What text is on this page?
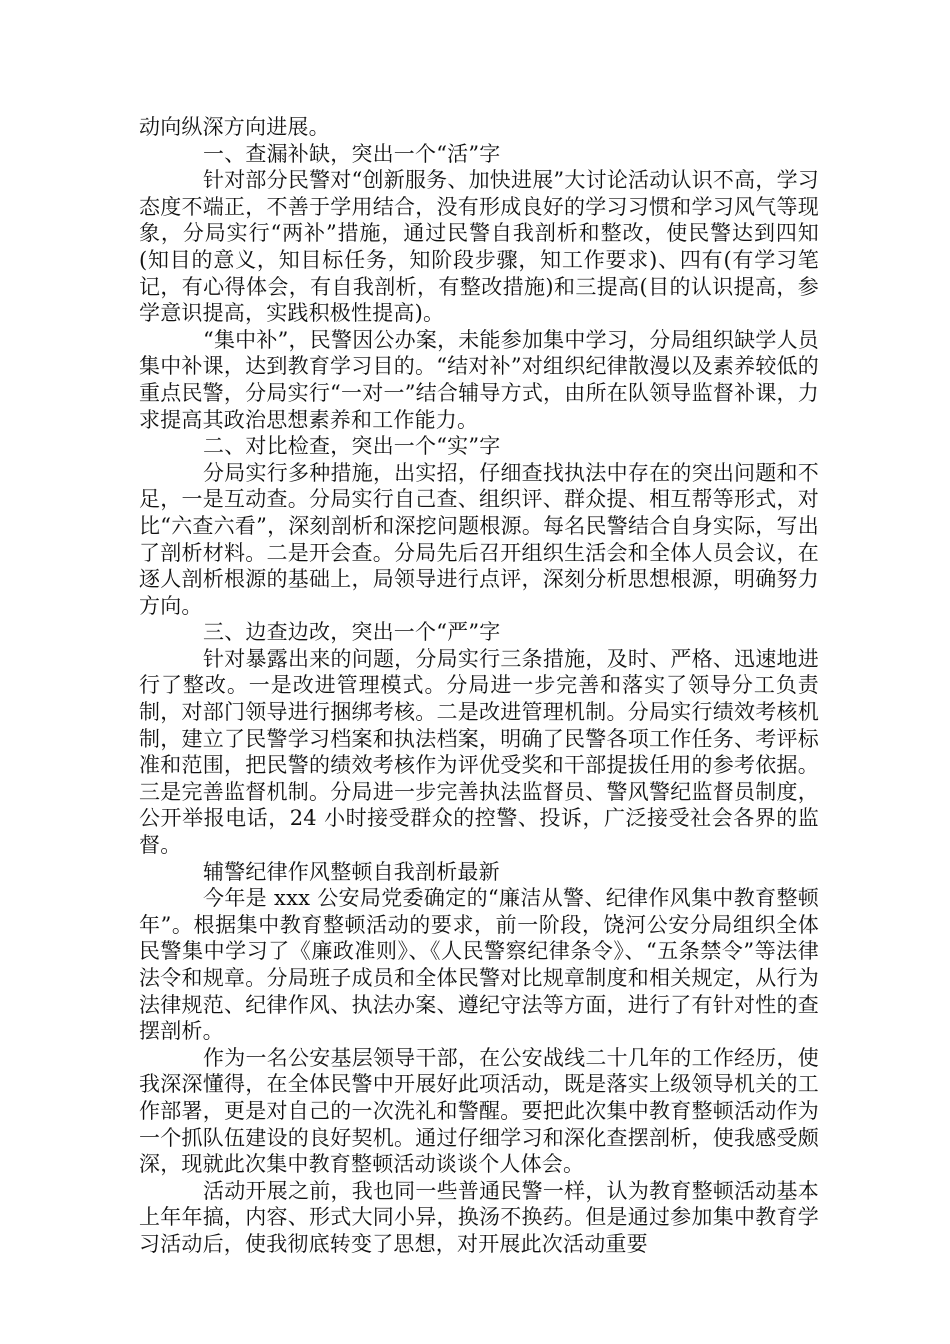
动向纵深方向进展。

一、查漏补缺，突出一个“活”字

针对部分民警对“创新服务、加快进展”大讨论活动认识不高，学习态度不端正，不善于学用结合，没有形成良好的学习习惯和学习风气等现象，分局实行“两补”措施，通过民警自我剖析和整改，使民警达到四知(知目的意义，知目标任务，知阶段步骤，知工作要求)、四有(有学习笔记，有心得体会，有自我剖析，有整改措施)和三提高(目的认识提高，参学意识提高，实践积极性提高)。

“集中补”，民警因公办案，未能参加集中学习，分局组织缺学人员集中补课，达到教育学习目的。“结对补”对组织纪律散漫以及素养较低的重点民警，分局实行“一对一”结合辅导方式，由所在队领导监督补课，力求提高其政治思想素养和工作能力。

二、对比检查，突出一个“实”字

分局实行多种措施，出实招，仔细查找执法中存在的突出问题和不足，一是互动查。分局实行自己查、组织评、群众提、相互帮等形式，对比“六查六看”，深刻剖析和深挖问题根源。每名民警结合自身实际，写出了剖析材料。二是开会查。分局先后召开组织生活会和全体人员会议，在逐人剖析根源的基础上，局领导进行点评，深刻分析思想根源，明确努力方向。

三、边查边改，突出一个“严”字

针对暴露出来的问题，分局实行三条措施，及时、严格、迅速地进行了整改。一是改进管理模式。分局进一步完善和落实了领导分工负责制，对部门领导进行捆绑考核。二是改进管理机制。分局实行绩效考核机制，建立了民警学习档案和执法档案，明确了民警各项工作任务、考评标准和范围，把民警的绩效考核作为评优受奖和干部提拔任用的参考依据。三是完善监督机制。分局进一步完善执法监督员、警风警纪监督员制度，公开举报电话，24 小时接受群众的控警、投诉，广泛接受社会各界的监督。

辅警纪律作风整顿自我剖析最新

今年是 xxx 公安局党委确定的“廉洁从警、纪律作风集中教育整顿年”。根据集中教育整顿活动的要求，前一阶段，饶河公安分局组织全体民警集中学习了《廉政准则》、《人民警察纪律条令》、“五条禁令”等法律法令和规章。分局班子成员和全体民警对比规章制度和相关规定，从行为法律规范、纪律作风、执法办案、遵纪守法等方面，进行了有针对性的查摆剖析。

作为一名公安基层领导干部，在公安战线二十几年的工作经历，使我深深懂得，在全体民警中开展好此项活动，既是落实上级领导机关的工作部署，更是对自己的一次洗礼和警醒。要把此次集中教育整顿活动作为一个抓队伍建设的良好契机。通过仔细学习和深化查摆剖析，使我感受颇深，现就此次集中教育整顿活动谈谈个人体会。

活动开展之前，我也同一些普通民警一样，认为教育整顿活动基本上年年搞，内容、形式大同小异，换汤不换药。但是通过参加集中教育学习活动后，使我彻底转变了思想，对开展此次活动重要
